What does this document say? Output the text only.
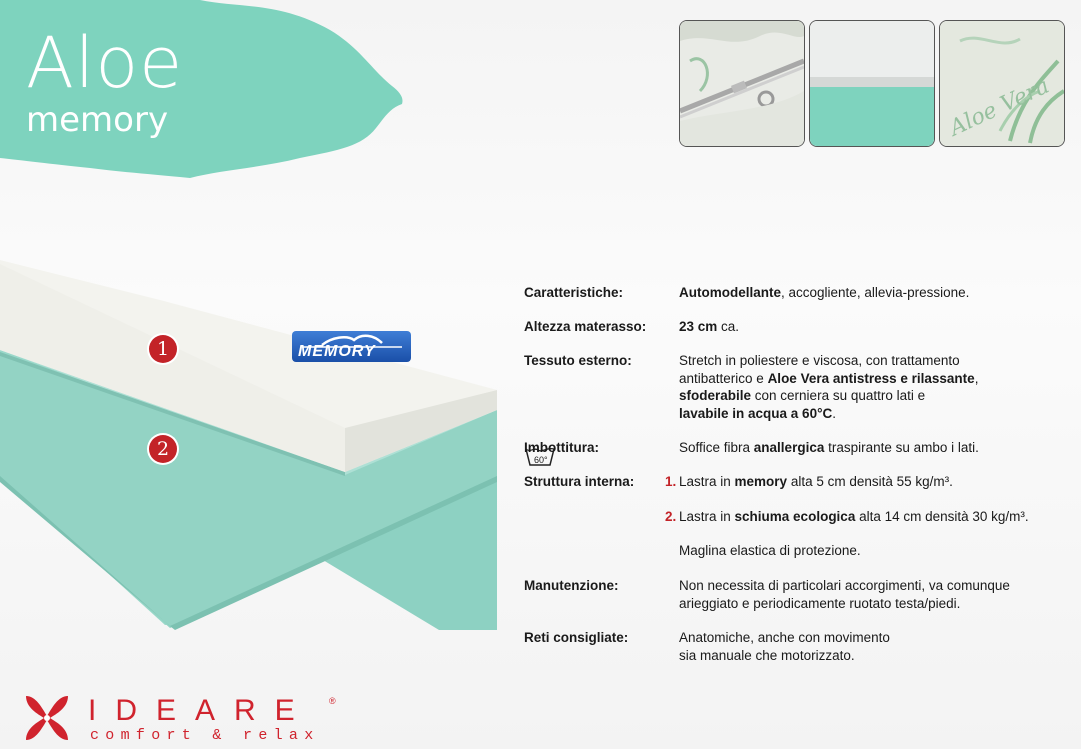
Aloe
memory	Aloe Vera
1
2
MEMORY
Caratteristiche:	Automodellante, accogliente, allevia-pressione.
Altezza materasso:	23 cm ca.
Tessuto esterno:
60°
Stretch in poliestere e viscosa, con trattamento
antibatterico e Aloe Vera antistress e rilassante,
sfoderabile con cerniera su quattro lati e
lavabile in acqua a 60°C.
Imbottitura:	Soffice fibra anallergica traspirante su ambo i lati.
Struttura interna:	1. Lastra in memory alta 5 cm densità 55 kg/m³.
2. Lastra in schiuma ecologica alta 14 cm densità 30 kg/m³.
Maglina elastica di protezione.
Manutenzione:	Non necessita di particolari accorgimenti, va comunque
arieggiato e periodicamente ruotato testa/piedi.
Reti consigliate:	Anatomiche, anche con movimento
sia manuale che motorizzato.
IDEARE ®
comfort & relax
